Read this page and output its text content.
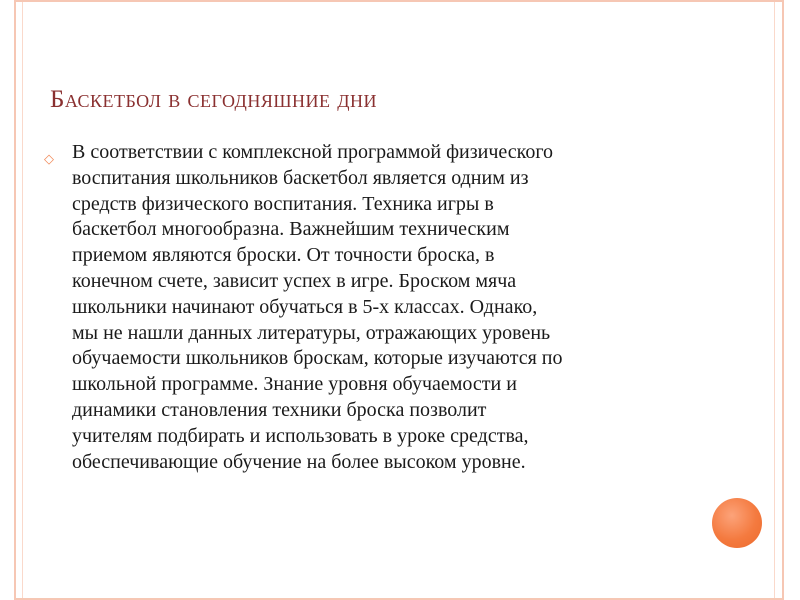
Баскетбол в сегодняшние дни
◇ В соответствии с комплексной программой физического
воспитания школьников баскетбол является одним из
средств физического воспитания. Техника игры в
баскетбол многообразна. Важнейшим техническим
приемом являются броски. От точности броска, в
конечном счете, зависит успех в игре. Броском мяча
школьники начинают обучаться в 5-х классах. Однако,
мы не нашли данных литературы, отражающих уровень
обучаемости школьников броскам, которые изучаются по
школьной программе. Знание уровня обучаемости и
динамики становления техники броска позволит
учителям подбирать и использовать в уроке средства,
обеспечивающие обучение на более высоком уровне.
